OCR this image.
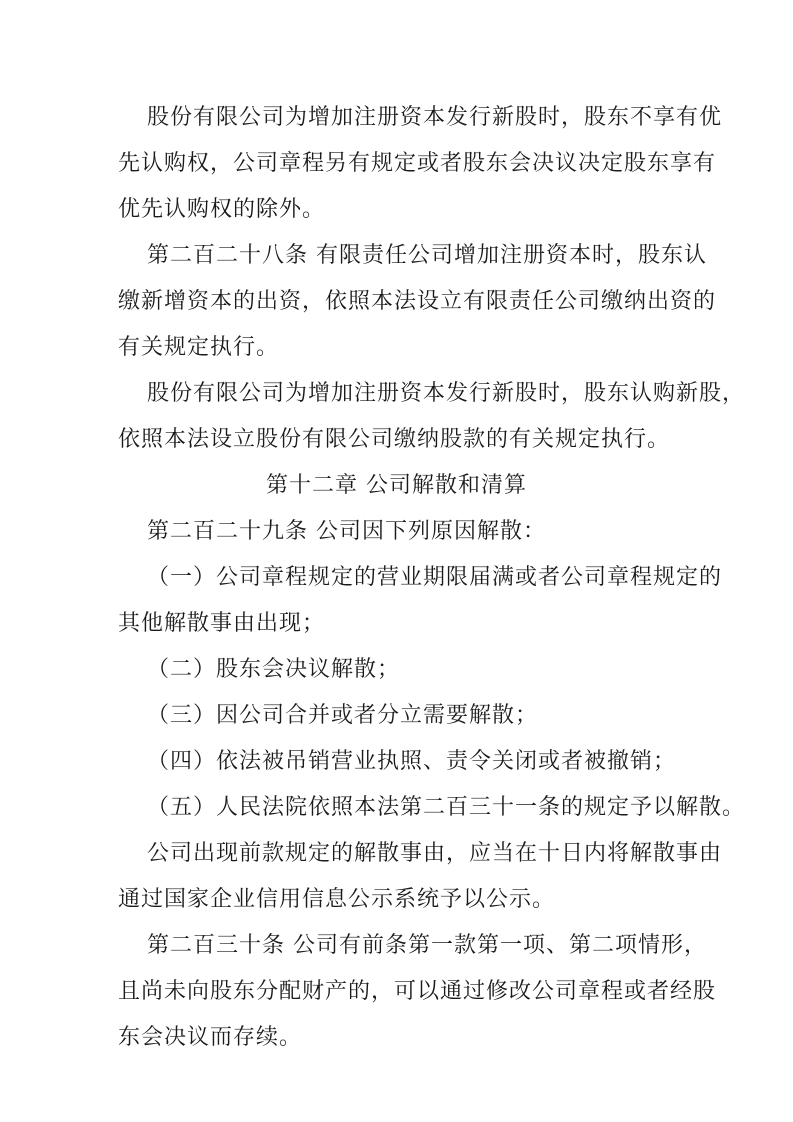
股份有限公司为增加注册资本发行新股时，股东不享有优
先认购权，公司章程另有规定或者股东会决议决定股东享有
优先认购权的除外。
第二百二十八条 有限责任公司增加注册资本时，股东认
缴新增资本的出资，依照本法设立有限责任公司缴纳出资的
有关规定执行。
股份有限公司为增加注册资本发行新股时，股东认购新股，
依照本法设立股份有限公司缴纳股款的有关规定执行。
第十二章 公司解散和清算
第二百二十九条 公司因下列原因解散：
（一）公司章程规定的营业期限届满或者公司章程规定的
其他解散事由出现；
（二）股东会决议解散；
（三）因公司合并或者分立需要解散；
（四）依法被吊销营业执照、责令关闭或者被撤销；
（五）人民法院依照本法第二百三十一条的规定予以解散。
公司出现前款规定的解散事由，应当在十日内将解散事由
通过国家企业信用信息公示系统予以公示。
第二百三十条 公司有前条第一款第一项、第二项情形，
且尚未向股东分配财产的，可以通过修改公司章程或者经股
东会决议而存续。
